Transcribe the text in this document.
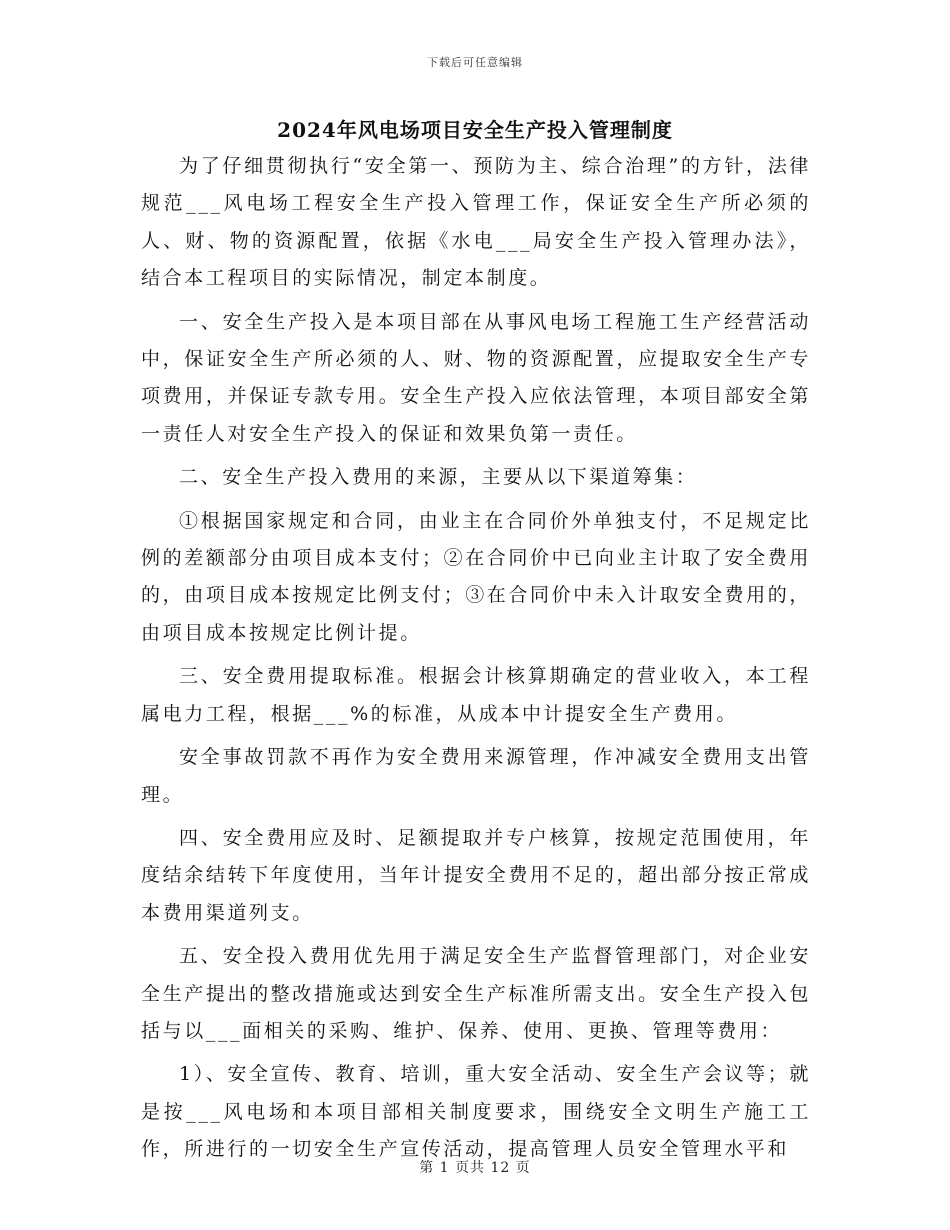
下载后可任意编辑
2024年风电场项目安全生产投入管理制度

为了仔细贯彻执行“安全第一、预防为主、综合治理”的方针，法律规范___风电场工程安全生产投入管理工作，保证安全生产所必须的人、财、物的资源配置，依据《水电___局安全生产投入管理办法》，结合本工程项目的实际情况，制定本制度。

一、安全生产投入是本项目部在从事风电场工程施工生产经营活动中，保证安全生产所必须的人、财、物的资源配置，应提取安全生产专项费用，并保证专款专用。安全生产投入应依法管理，本项目部安全第一责任人对安全生产投入的保证和效果负第一责任。

二、安全生产投入费用的来源，主要从以下渠道筹集：

①根据国家规定和合同，由业主在合同价外单独支付，不足规定比例的差额部分由项目成本支付；②在合同价中已向业主计取了安全费用的，由项目成本按规定比例支付；③在合同价中未入计取安全费用的，由项目成本按规定比例计提。

三、安全费用提取标准。根据会计核算期确定的营业收入，本工程属电力工程，根据___%的标准，从成本中计提安全生产费用。

安全事故罚款不再作为安全费用来源管理，作冲减安全费用支出管理。

四、安全费用应及时、足额提取并专户核算，按规定范围使用，年度结余结转下年度使用，当年计提安全费用不足的，超出部分按正常成本费用渠道列支。

五、安全投入费用优先用于满足安全生产监督管理部门，对企业安全生产提出的整改措施或达到安全生产标准所需支出。安全生产投入包括与以___面相关的采购、维护、保养、使用、更换、管理等费用：

1）、安全宣传、教育、培训，重大安全活动、安全生产会议等；就是按___风电场和本项目部相关制度要求，围绕安全文明生产施工工作，所进行的一切安全生产宣传活动，提高管理人员安全管理水平和

第 1 页共 12 页
